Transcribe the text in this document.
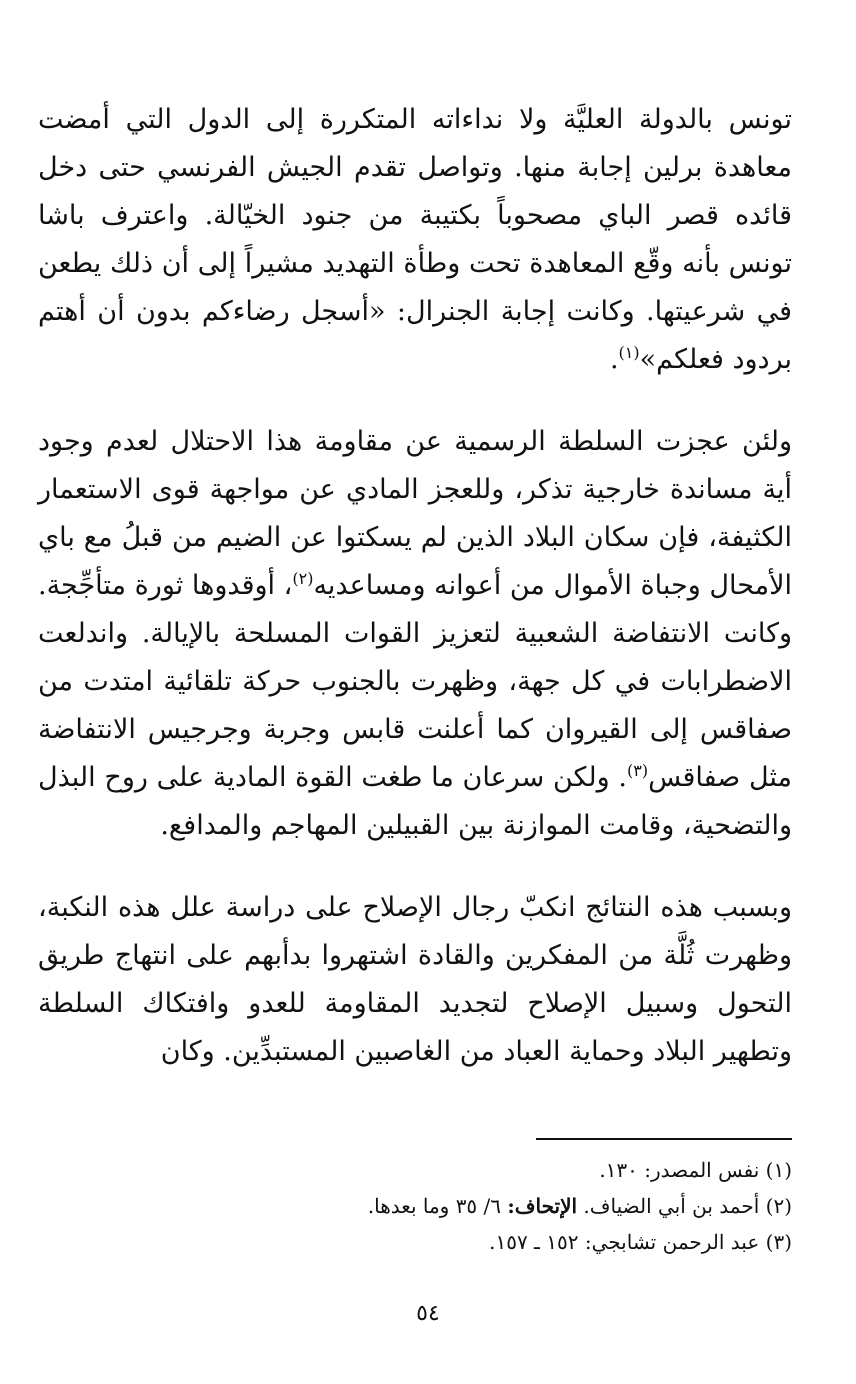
تونس بالدولة العليَّة ولا نداءاته المتكررة إلى الدول التي أمضت معاهدة برلين إجابة منها. وتواصل تقدم الجيش الفرنسي حتى دخل قائده قصر الباي مصحوباً بكتيبة من جنود الخيّالة. واعترف باشا تونس بأنه وقّع المعاهدة تحت وطأة التهديد مشيراً إلى أن ذلك يطعن في شرعيتها. وكانت إجابة الجنرال: «أسجل رضاءكم بدون أن أهتم بردود فعلكم»$^{(١)}$.

ولئن عجزت السلطة الرسمية عن مقاومة هذا الاحتلال لعدم وجود أية مساندة خارجية تذكر، وللعجز المادي عن مواجهة قوى الاستعمار الكثيفة، فإن سكان البلاد الذين لم يسكتوا عن الضيم من قبلُ مع باي الأمحال وجباة الأموال من أعوانه ومساعديه$^{(٢)}$، أوقدوها ثورة متأجِّجة. وكانت الانتفاضة الشعبية لتعزيز القوات المسلحة بالإيالة. واندلعت الاضطرابات في كل جهة، وظهرت بالجنوب حركة تلقائية امتدت من صفاقس إلى القيروان كما أعلنت قابس وجربة وجرجيس الانتفاضة مثل صفاقس$^{(٣)}$. ولكن سرعان ما طغت القوة المادية على روح البذل والتضحية، وقامت الموازنة بين القبيلين المهاجم والمدافع.

وبسبب هذه النتائج انكبّ رجال الإصلاح على دراسة علل هذه النكبة، وظهرت ثُلَّة من المفكرين والقادة اشتهروا بدأبهم على انتهاج طريق التحول وسبيل الإصلاح لتجديد المقاومة للعدو وافتكاك السلطة وتطهير البلاد وحماية العباد من الغاصبين المستبدِّين. وكان

(١) نفس المصدر: ١٣٠.

(٢) أحمد بن أبي الضياف. الإتحاف: ٦/ ٣٥ وما بعدها.

(٣) عبد الرحمن تشابجي: ١٥٢ ـ ١٥٧.

٥٤
